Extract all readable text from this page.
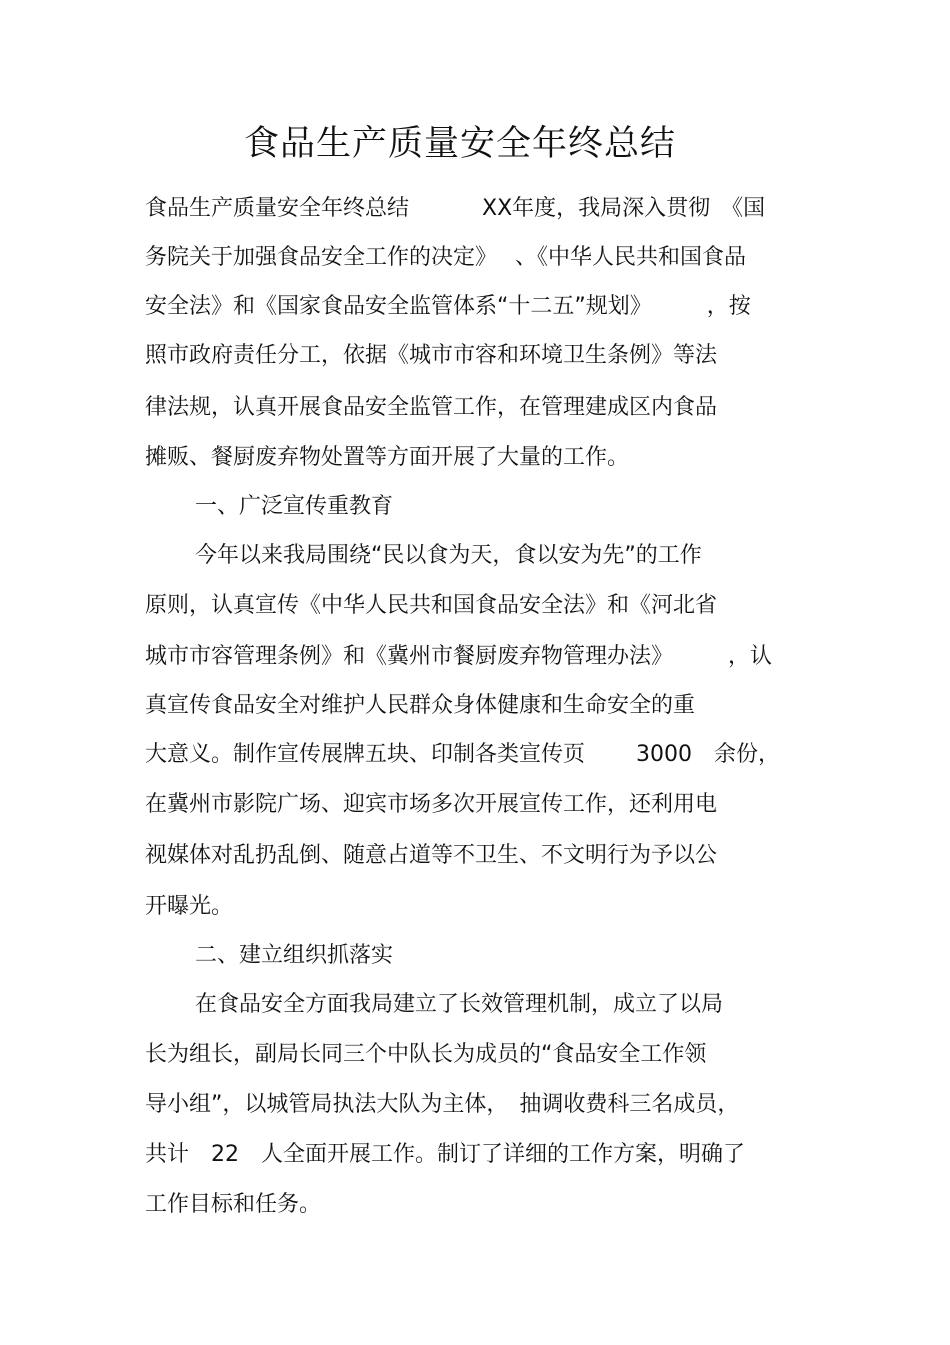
食品生产质量安全年终总结
食品生产质量安全年终总结　　　 XX年度，我局深入贯彻　《国
务院关于加强食品安全工作的决定》　 、《中华人民共和国食品
安全法》和《国家食品安全监管体系“十二五”规划》　　　，按
照市政府责任分工，依据《城市市容和环境卫生条例》等法
律法规，认真开展食品安全监管工作，在管理建成区内食品
摊贩、餐厨废弃物处置等方面开展了大量的工作。
一、广泛宣传重教育
今年以来我局围绕“民以食为天，食以安为先”的工作
原则，认真宣传《中华人民共和国食品安全法》和《河北省
城市市容管理条例》和《冀州市餐厨废弃物管理办法》　　　，认
真宣传食品安全对维护人民群众身体健康和生命安全的重
大意义。制作宣传展牌五块、印制各类宣传页　　 3000　余份，
在冀州市影院广场、迎宾市场多次开展宣传工作，还利用电
视媒体对乱扔乱倒、随意占道等不卫生、不文明行为予以公
开曝光。
二、建立组织抓落实
在食品安全方面我局建立了长效管理机制，成立了以局
长为组长，副局长同三个中队长为成员的“食品安全工作领
导小组”，以城管局执法大队为主体，　抽调收费科三名成员，
共计　22　人全面开展工作。制订了详细的工作方案，明确了
工作目标和任务。
